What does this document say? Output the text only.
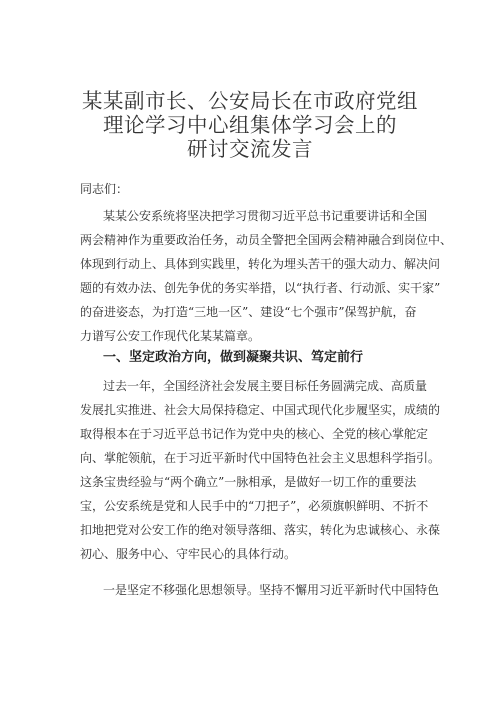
某某副市长、公安局长在市政府党组
理论学习中心组集体学习会上的
研讨交流发言
同志们：
某某公安系统将坚决把学习贯彻习近平总书记重要讲话和全国
两会精神作为重要政治任务，动员全警把全国两会精神融合到岗位中、
体现到行动上、具体到实践里，转化为埋头苦干的强大动力、解决问
题的有效办法、创先争优的务实举措，以“执行者、行动派、实干家”
的奋进姿态，为打造“三地一区”、建设“七个强市”保驾护航，奋
力谱写公安工作现代化某某篇章。
过去一年，全国经济社会发展主要目标任务圆满完成、高质量
发展扎实推进、社会大局保持稳定、中国式现代化步履坚实，成绩的
取得根本在于习近平总书记作为党中央的核心、全党的核心掌舵定
向、掌舵领航，在于习近平新时代中国特色社会主义思想科学指引。
这条宝贵经验与“两个确立”一脉相承，是做好一切工作的重要法
宝，公安系统是党和人民手中的“刀把子”，必须旗帜鲜明、不折不
扣地把党对公安工作的绝对领导落细、落实，转化为忠诚核心、永葆
初心、服务中心、守牢民心的具体行动。
一是坚定不移强化思想领导。坚持不懈用习近平新时代中国特色
一、坚定政治方向，做到凝聚共识、笃定前行
